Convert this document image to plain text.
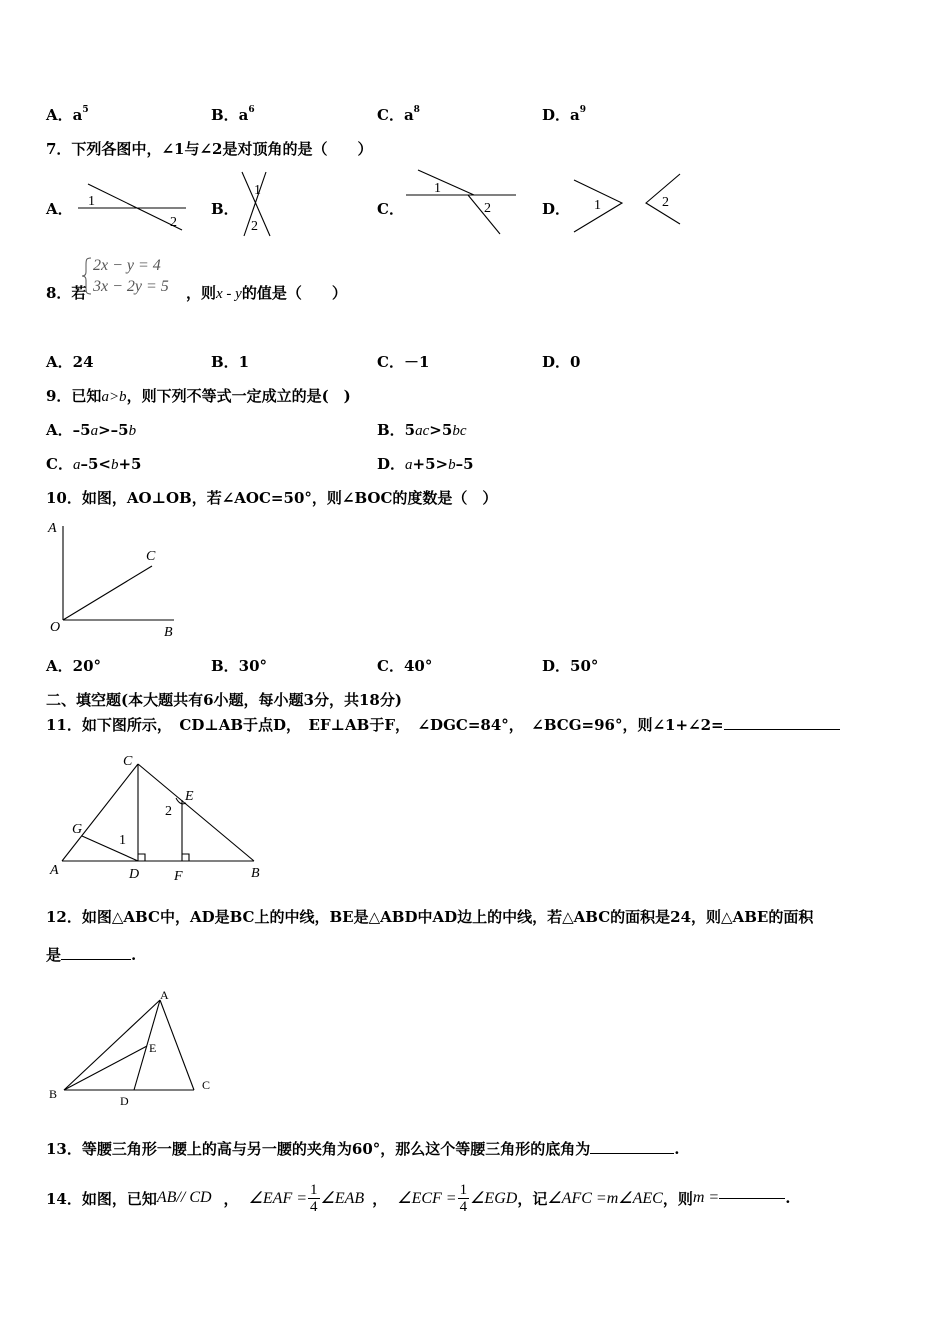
A．$a^5$	B．$a^6$	C．$a^8$	D．$a^9$
7．下列各图中，∠1与∠2是对顶角的是（　　）
A． 1
2
B．
1
2
C．
1
2	D． 1	2
2x − y = 4
3x − 2y = 5
8．若	，则x - y的值是（　　）
A．24	B．1	C．－1	D．0
9．已知a>b，则下列不等式一定成立的是(　)
A．–5a>–5b	B．5ac>5bc
C．a–5<b+5	D．a+5>b–5
10．如图，AO⊥OB，若∠AOC=50°，则∠BOC的度数是（　）
A
C
O	B
A．20°	B．30°	C．40°	D．50°
二、填空题(本大题共有6小题，每小题3分，共18分)
11．如下图所示，　CD⊥AB于点D，　EF⊥AB于F，　∠DGC=84°，　∠BCG=96°，则∠1+∠2=
C
E
G
1
2
A	D F	B
12．如图△ABC中，AD是BC上的中线，BE是△ABD中AD边上的中线，若△ABC的面积是24，则△ABE的面积
是	.
A
E
B	D
C
13．等腰三角形一腰上的高与另一腰的夹角为60°，那么这个等腰三角形的底角为	.
14．如图，已知 AB// CD ， ∠EAF = $\frac{1}{4}$ ∠EAB ， ∠ECF = $\frac{1}{4}$ ∠EGD ，记 ∠AFC =m∠AEC ，则 m =	.
